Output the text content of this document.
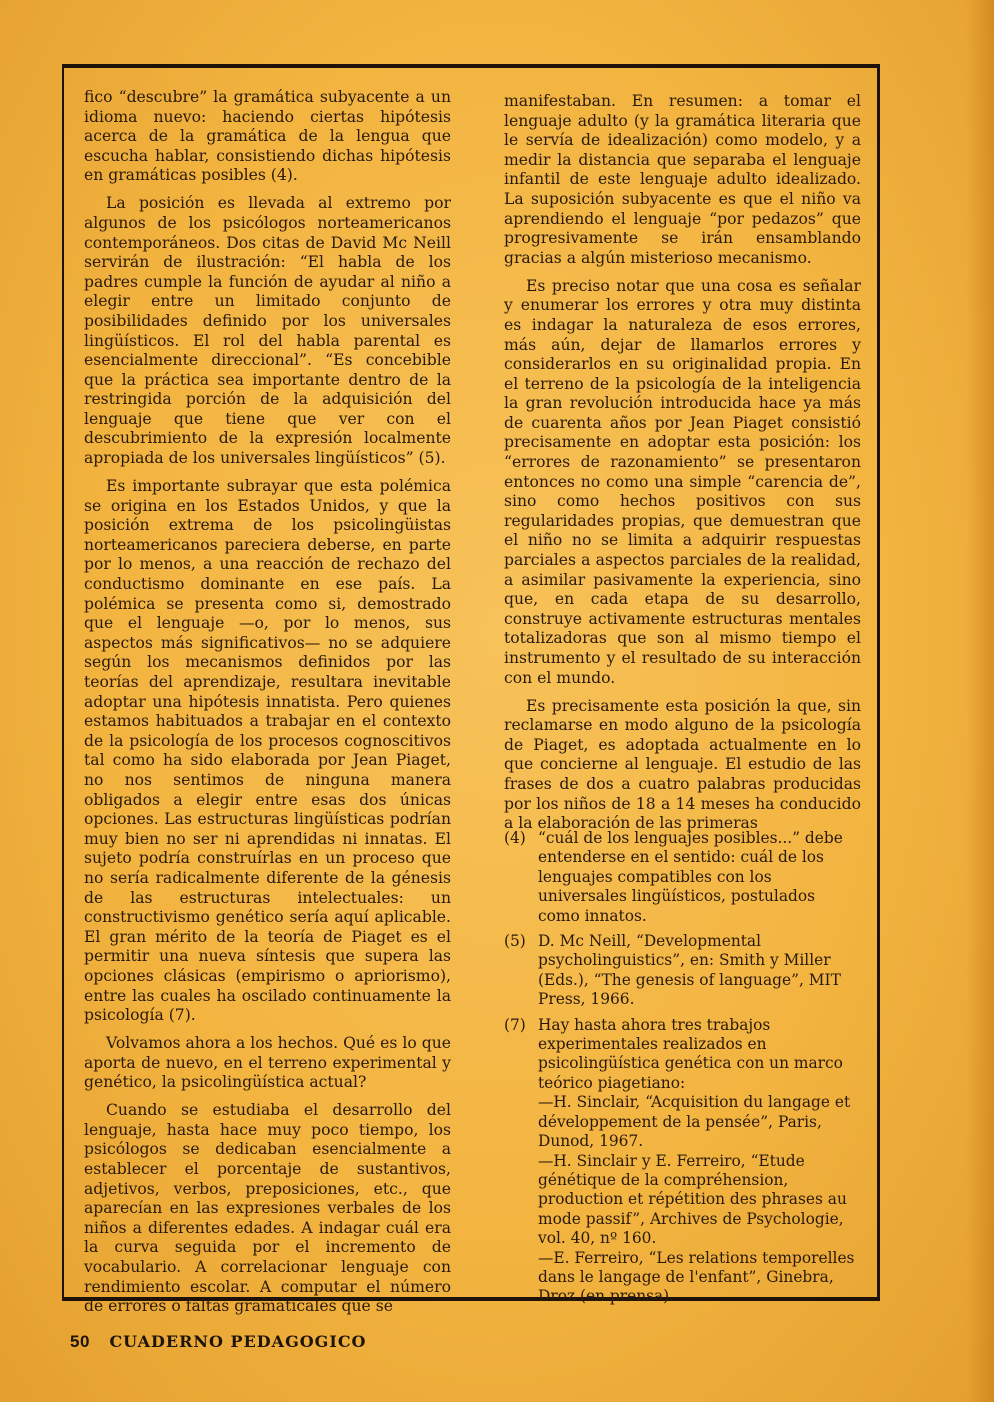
fico “descubre” la gramática subyacente a un idioma nuevo: haciendo ciertas hipótesis acerca de la gramática de la lengua que escucha hablar, consistiendo dichas hipótesis en gramáticas posibles (4).

La posición es llevada al extremo por algunos de los psicólogos norteamericanos contemporáneos. Dos citas de David Mc Neill servirán de ilustración: “El habla de los padres cumple la función de ayudar al niño a elegir entre un limitado conjunto de posibilidades definido por los universales lingüísticos. El rol del habla parental es esencialmente direccional”. “Es concebible que la práctica sea importante dentro de la restringida porción de la adquisición del lenguaje que tiene que ver con el descubrimiento de la expresión localmente apropiada de los universales lingüísticos” (5).

Es importante subrayar que esta polémica se origina en los Estados Unidos, y que la posición extrema de los psicolingüistas norteamericanos pareciera deberse, en parte por lo menos, a una reacción de rechazo del conductismo dominante en ese país. La polémica se presenta como si, demostrado que el lenguaje —o, por lo menos, sus aspectos más significativos— no se adquiere según los mecanismos definidos por las teorías del aprendizaje, resultara inevitable adoptar una hipótesis innatista. Pero quienes estamos habituados a trabajar en el contexto de la psicología de los procesos cognoscitivos tal como ha sido elaborada por Jean Piaget, no nos sentimos de ninguna manera obligados a elegir entre esas dos únicas opciones. Las estructuras lingüísticas podrían muy bien no ser ni aprendidas ni innatas. El sujeto podría construírlas en un proceso que no sería radicalmente diferente de la génesis de las estructuras intelectuales: un constructivismo genético sería aquí aplicable. El gran mérito de la teoría de Piaget es el permitir una nueva síntesis que supera las opciones clásicas (empirismo o apriorismo), entre las cuales ha oscilado continuamente la psicología (7).

Volvamos ahora a los hechos. Qué es lo que aporta de nuevo, en el terreno experimental y genético, la psicolingüística actual?

Cuando se estudiaba el desarrollo del lenguaje, hasta hace muy poco tiempo, los psicólogos se dedicaban esencialmente a establecer el porcentaje de sustantivos, adjetivos, verbos, preposiciones, etc., que aparecían en las expresiones verbales de los niños a diferentes edades. A indagar cuál era la curva seguida por el incremento de vocabulario. A correlacionar lenguaje con rendimiento escolar. A computar el número de errores o faltas gramaticales que se

manifestaban. En resumen: a tomar el lenguaje adulto (y la gramática literaria que le servía de idealización) como modelo, y a medir la distancia que separaba el lenguaje infantil de este lenguaje adulto idealizado. La suposición subyacente es que el niño va aprendiendo el lenguaje “por pedazos” que progresivamente se irán ensamblando gracias a algún misterioso mecanismo.

Es preciso notar que una cosa es señalar y enumerar los errores y otra muy distinta es indagar la naturaleza de esos errores, más aún, dejar de llamarlos errores y considerarlos en su originalidad propia. En el terreno de la psicología de la inteligencia la gran revolución introducida hace ya más de cuarenta años por Jean Piaget consistió precisamente en adoptar esta posición: los “errores de razonamiento” se presentaron entonces no como una simple “carencia de”, sino como hechos positivos con sus regularidades propias, que demuestran que el niño no se limita a adquirir respuestas parciales a aspectos parciales de la realidad, a asimilar pasivamente la experiencia, sino que, en cada etapa de su desarrollo, construye activamente estructuras mentales totalizadoras que son al mismo tiempo el instrumento y el resultado de su interacción con el mundo.

Es precisamente esta posición la que, sin reclamarse en modo alguno de la psicología de Piaget, es adoptada actualmente en lo que concierne al lenguaje. El estudio de las frases de dos a cuatro palabras producidas por los niños de 18 a 14 meses ha conducido a la elaboración de las primeras

(4) “cuál de los lenguajes posibles...” debe entenderse en el sentido: cuál de los lenguajes compatibles con los universales lingüísticos, postulados como innatos.

(5) D. Mc Neill, “Developmental psycholinguistics”, en: Smith y Miller (Eds.), “The genesis of language”, MIT Press, 1966.

(7) Hay hasta ahora tres trabajos experimentales realizados en psicolingüística genética con un marco teórico piagetiano:

—H. Sinclair, “Acquisition du langage et développement de la pensée”, Paris, Dunod, 1967.

—H. Sinclair y E. Ferreiro, “Etude génétique de la compréhension, production et répétition des phrases au mode passif”, Archives de Psychologie, vol. 40, nº 160.

—E. Ferreiro, “Les relations temporelles dans le langage de l'enfant”, Ginebra, Droz (en prensa).

50 CUADERNO PEDAGOGICO
